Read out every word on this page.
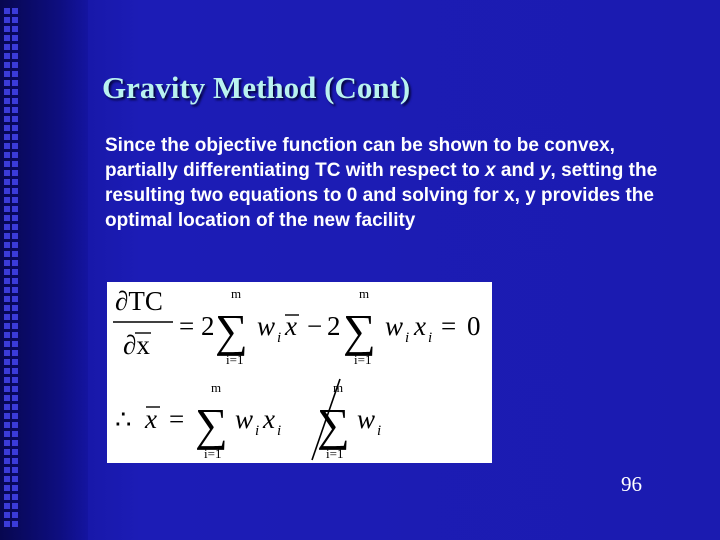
Gravity Method (Cont)
Since the objective function can be shown to be convex, partially differentiating TC with respect to x and y, setting the resulting two equations to 0 and solving for x, y provides the optimal location of the new facility
∂TC
∂x
= 2
m
∑
i=1
w i x − 2
m
∑
i=1
w i x i = 0
∴ x =
m
∑
i=1
w i x i
m
∑
i=1
w i
96
